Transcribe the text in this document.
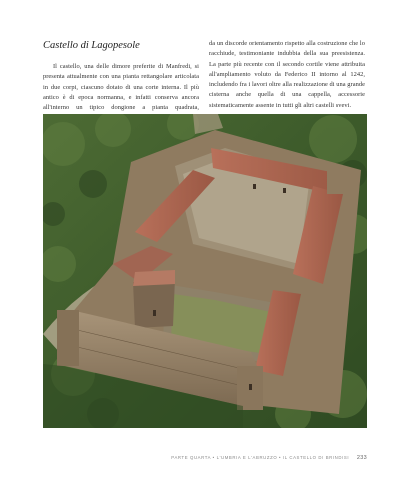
Castello di Lagopesole

Il castello, una delle dimore preferite di Manfredi, si presenta attualmente con una pianta rettangolare articolata in due corpi, ciascuno dotato di una corte interna. Il più antico è di epoca normanna, e infatti conserva ancora all'interno un tipico dongione a pianta quadrata,

da un discorde orientamento rispetto alla costruzione che lo racchiude, testimoniante indubbia della sua preesistenza. La parte più recente con il secondo cortile viene attribuita all'ampliamento voluto da Federico II intorno al 1242, includendo fra i lavori oltre alla realizzazione di una grande cisterna anche quella di una cappella, accessorie sistematicamente assente in tutti gli altri castelli svevi.

PARTE QUARTA • L'UMBRIA E L'ABRUZZO • IL CASTELLO DI BRINDISI 233
